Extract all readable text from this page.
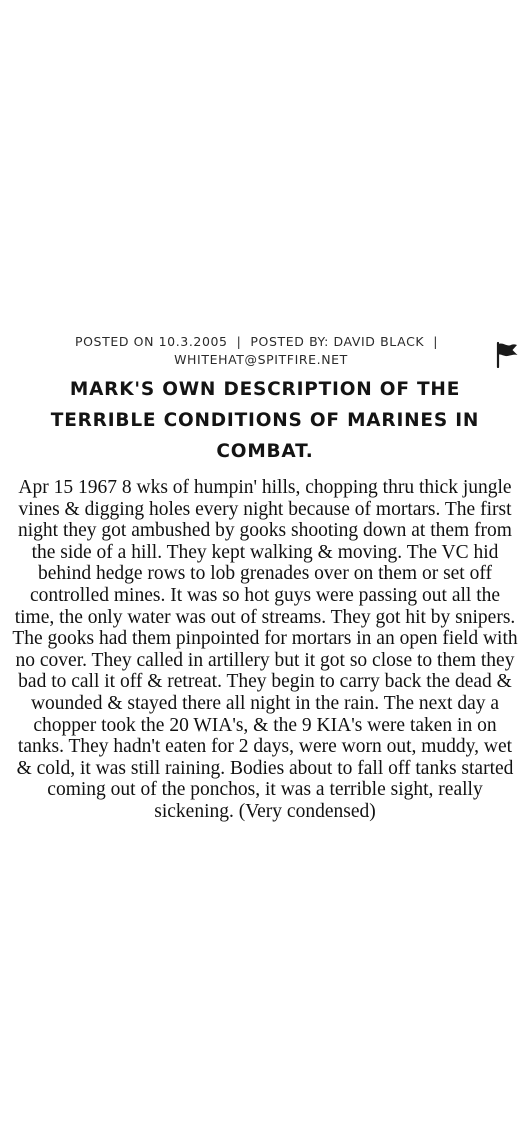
POSTED ON 10.3.2005 | POSTED BY: DAVID BLACK |
WHITEHAT@SPITFIRE.NET
MARK'S OWN DESCRIPTION OF THE TERRIBLE CONDITIONS OF MARINES IN COMBAT.

Apr 15 1967 8 wks of humpin' hills, chopping thru thick jungle vines & digging holes every night because of mortars. The first night they got ambushed by gooks shooting down at them from the side of a hill. They kept walking & moving. The VC hid behind hedge rows to lob grenades over on them or set off controlled mines. It was so hot guys were passing out all the time, the only water was out of streams. They got hit by snipers. The gooks had them pinpointed for mortars in an open field with no cover. They called in artillery but it got so close to them they bad to call it off & retreat. They begin to carry back the dead & wounded & stayed there all night in the rain. The next day a chopper took the 20 WIA's, & the 9 KIA's were taken in on tanks. They hadn't eaten for 2 days, were worn out, muddy, wet & cold, it was still raining. Bodies about to fall off tanks started coming out of the ponchos, it was a terrible sight, really sickening. (Very condensed)
